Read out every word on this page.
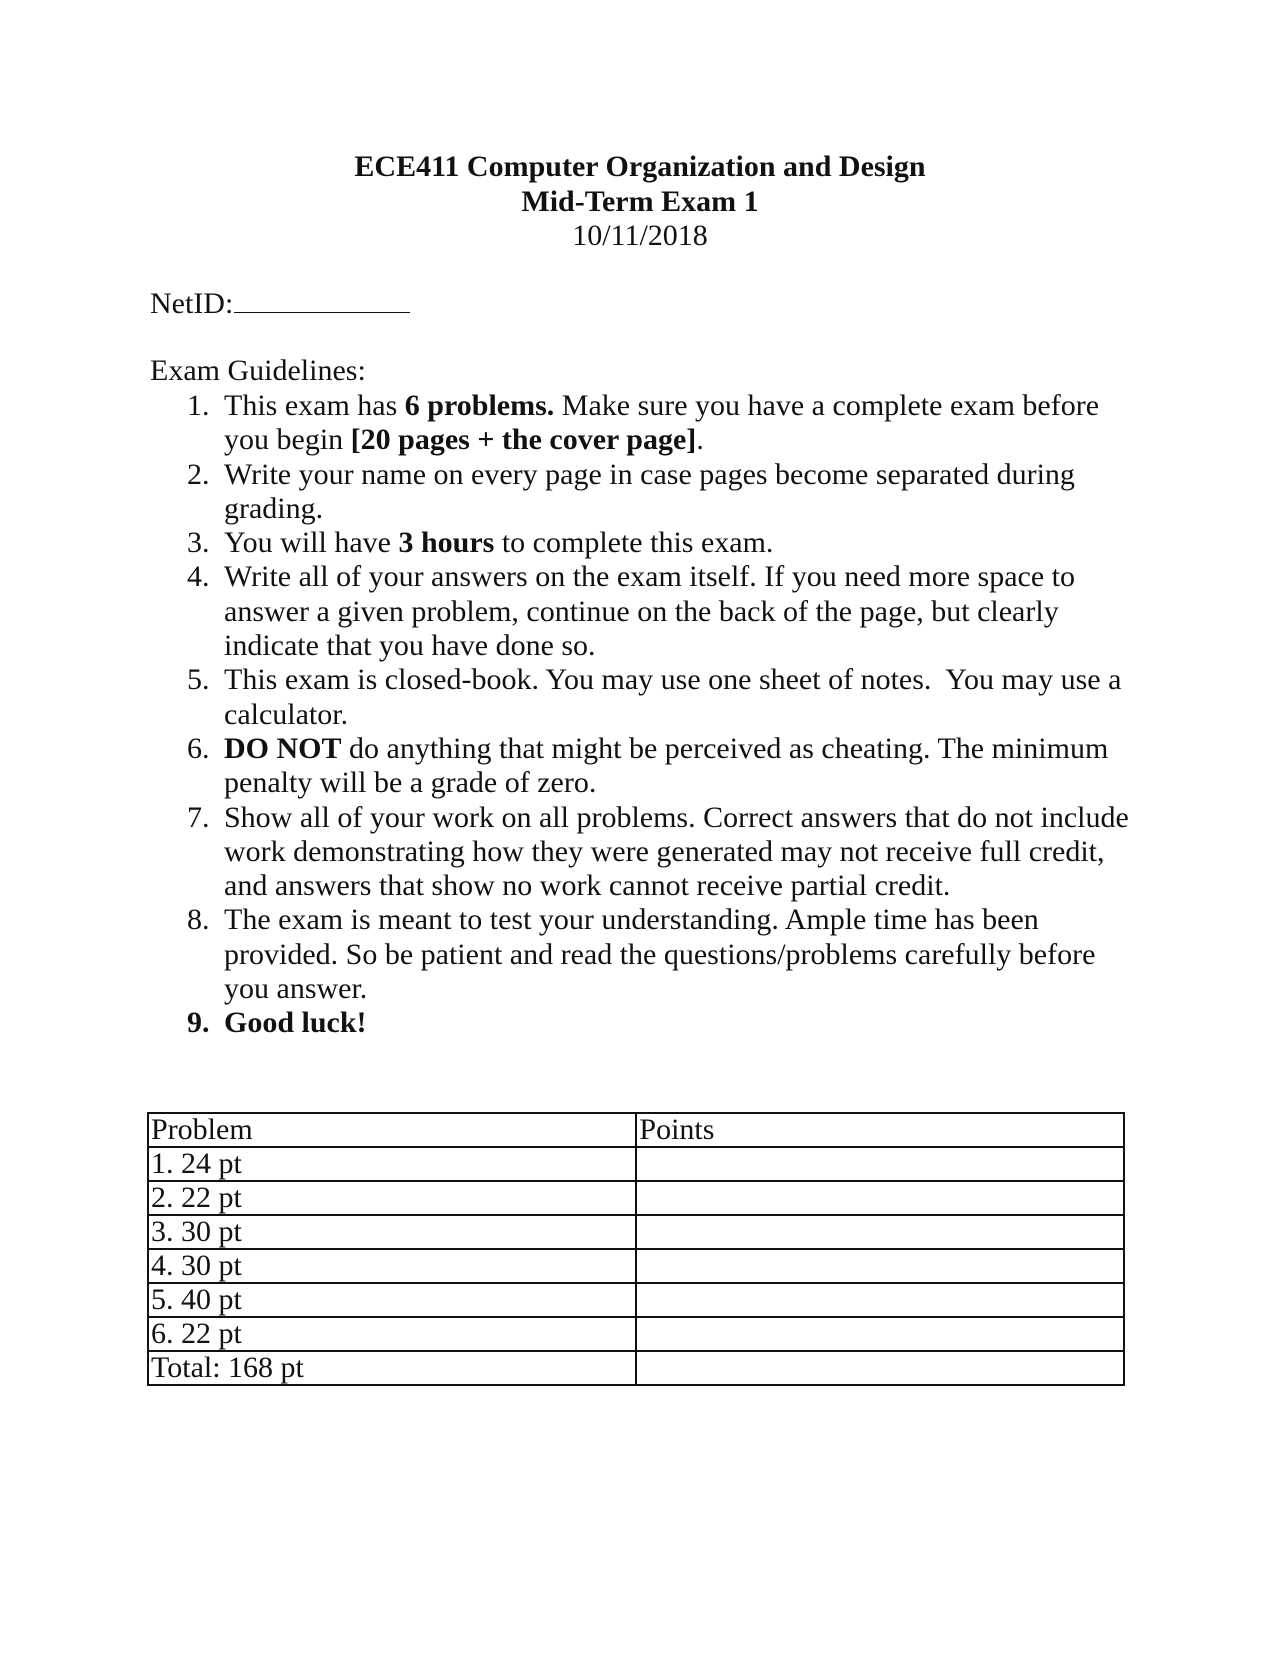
ECE411 Computer Organization and Design
Mid-Term Exam 1
10/11/2018
NetID:
Exam Guidelines:
1. This exam has 6 problems. Make sure you have a complete exam before you begin [20 pages + the cover page].
2. Write your name on every page in case pages become separated during grading.
3. You will have 3 hours to complete this exam.
4. Write all of your answers on the exam itself. If you need more space to answer a given problem, continue on the back of the page, but clearly indicate that you have done so.
5. This exam is closed-book. You may use one sheet of notes.  You may use a calculator.
6. DO NOT do anything that might be perceived as cheating. The minimum penalty will be a grade of zero.
7. Show all of your work on all problems. Correct answers that do not include work demonstrating how they were generated may not receive full credit, and answers that show no work cannot receive partial credit.
8. The exam is meant to test your understanding. Ample time has been provided. So be patient and read the questions/problems carefully before you answer.
9. Good luck!
Problem	Points
1. 24 pt	
2. 22 pt	
3. 30 pt	
4. 30 pt	
5. 40 pt	
6. 22 pt	
Total: 168 pt	
